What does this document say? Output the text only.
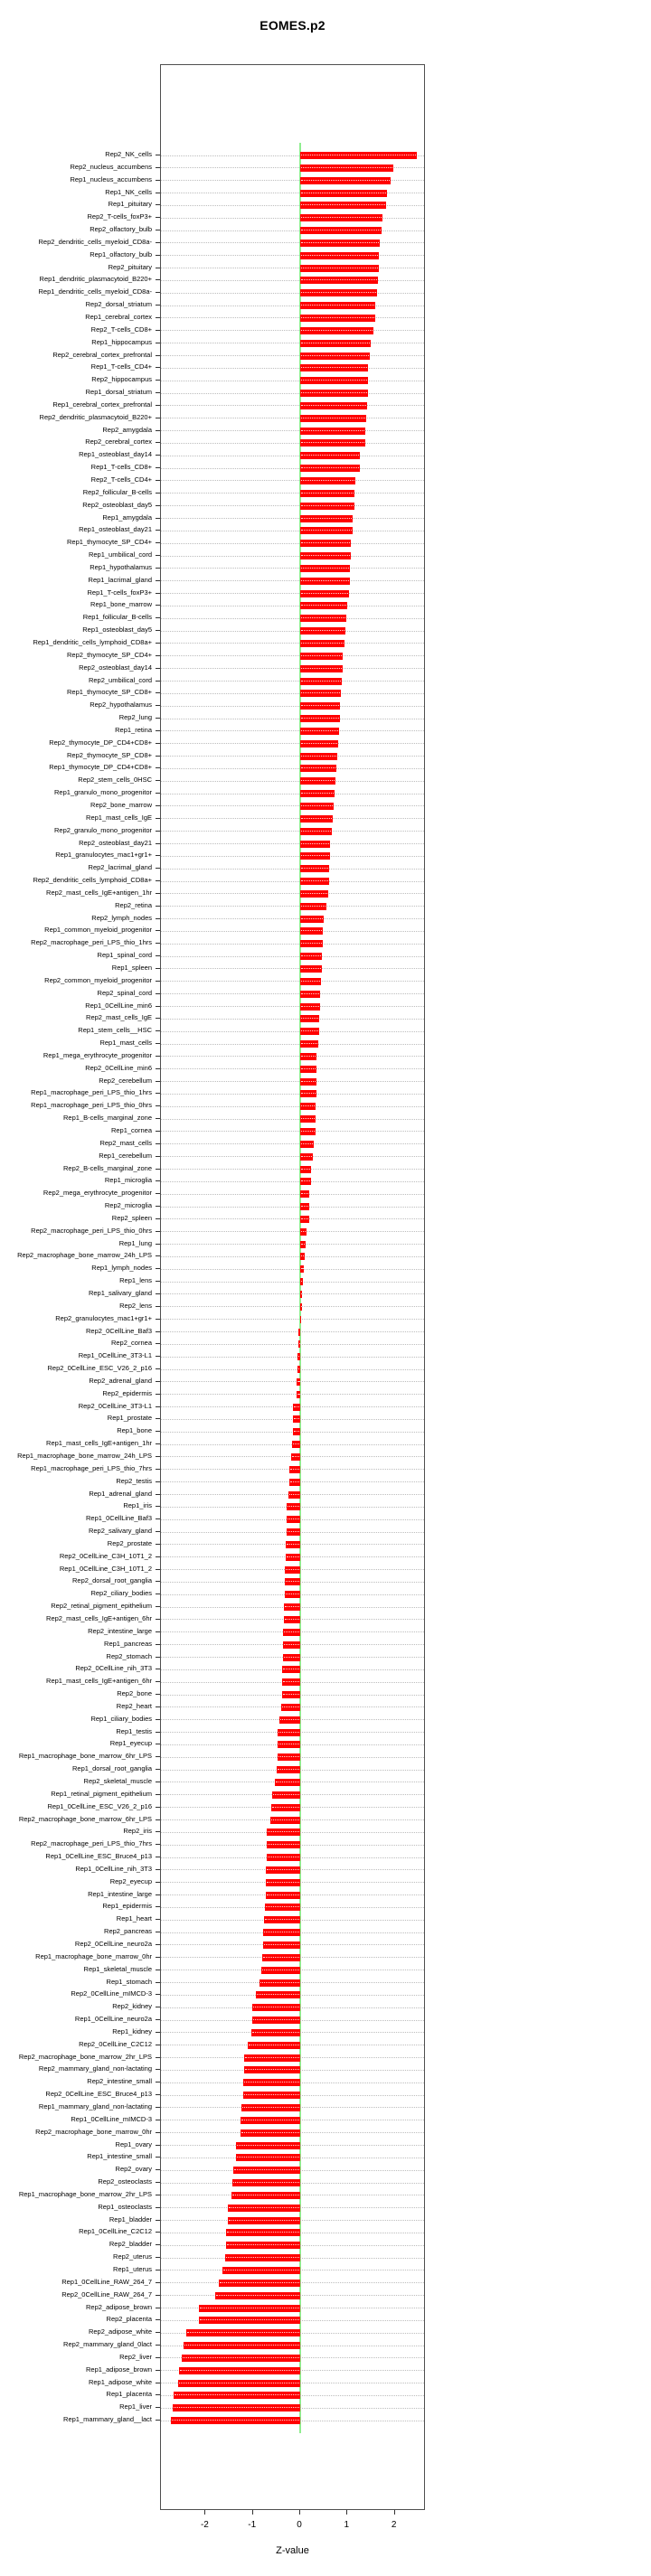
EOMES.p2
-2	-1	0	1	2
Z-value
Rep2_NK_cells
Rep2_nucleus_accumbens
Rep1_nucleus_accumbens
Rep1_NK_cells
Rep1_pituitary
Rep2_T-cells_foxP3+
Rep2_olfactory_bulb
Rep2_dendritic_cells_myeloid_CD8a-
Rep1_olfactory_bulb
Rep2_pituitary
Rep1_dendritic_plasmacytoid_B220+
Rep1_dendritic_cells_myeloid_CD8a-
Rep2_dorsal_striatum
Rep1_cerebral_cortex
Rep2_T-cells_CD8+
Rep1_hippocampus
Rep2_cerebral_cortex_prefrontal
Rep1_T-cells_CD4+
Rep2_hippocampus
Rep1_dorsal_striatum
Rep1_cerebral_cortex_prefrontal
Rep2_dendritic_plasmacytoid_B220+
Rep2_amygdala
Rep2_cerebral_cortex
Rep1_osteoblast_day14
Rep1_T-cells_CD8+
Rep2_T-cells_CD4+
Rep2_follicular_B-cells
Rep2_osteoblast_day5
Rep1_amygdala
Rep1_osteoblast_day21
Rep1_thymocyte_SP_CD4+
Rep1_umbilical_cord
Rep1_hypothalamus
Rep1_lacrimal_gland
Rep1_T-cells_foxP3+
Rep1_bone_marrow
Rep1_follicular_B-cells
Rep1_osteoblast_day5
Rep1_dendritic_cells_lymphoid_CD8a+
Rep2_thymocyte_SP_CD4+
Rep2_osteoblast_day14
Rep2_umbilical_cord
Rep1_thymocyte_SP_CD8+
Rep2_hypothalamus
Rep2_lung
Rep1_retina
Rep2_thymocyte_DP_CD4+CD8+
Rep2_thymocyte_SP_CD8+
Rep1_thymocyte_DP_CD4+CD8+
Rep2_stem_cells_0HSC
Rep1_granulo_mono_progenitor
Rep2_bone_marrow
Rep1_mast_cells_IgE
Rep2_granulo_mono_progenitor
Rep2_osteoblast_day21
Rep1_granulocytes_mac1+gr1+
Rep2_lacrimal_gland
Rep2_dendritic_cells_lymphoid_CD8a+
Rep2_mast_cells_IgE+antigen_1hr
Rep2_retina
Rep2_lymph_nodes
Rep1_common_myeloid_progenitor
Rep2_macrophage_peri_LPS_thio_1hrs
Rep1_spinal_cord
Rep1_spleen
Rep2_common_myeloid_progenitor
Rep2_spinal_cord
Rep1_0CellLine_min6
Rep2_mast_cells_IgE
Rep1_stem_cells__HSC
Rep1_mast_cells
Rep1_mega_erythrocyte_progenitor
Rep2_0CellLine_min6
Rep2_cerebellum
Rep1_macrophage_peri_LPS_thio_1hrs
Rep1_macrophage_peri_LPS_thio_0hrs
Rep1_B-cells_marginal_zone
Rep1_cornea
Rep2_mast_cells
Rep1_cerebellum
Rep2_B-cells_marginal_zone
Rep1_microglia
Rep2_mega_erythrocyte_progenitor
Rep2_microglia
Rep2_spleen
Rep2_macrophage_peri_LPS_thio_0hrs
Rep1_lung
Rep2_macrophage_bone_marrow_24h_LPS
Rep1_lymph_nodes
Rep1_lens
Rep1_salivary_gland
Rep2_lens
Rep2_granulocytes_mac1+gr1+
Rep2_0CellLine_Baf3
Rep2_cornea
Rep1_0CellLine_3T3-L1
Rep2_0CellLine_ESC_V26_2_p16
Rep2_adrenal_gland
Rep2_epidermis
Rep2_0CellLine_3T3-L1
Rep1_prostate
Rep1_bone
Rep1_mast_cells_IgE+antigen_1hr
Rep1_macrophage_bone_marrow_24h_LPS
Rep1_macrophage_peri_LPS_thio_7hrs
Rep2_testis
Rep1_adrenal_gland
Rep1_iris
Rep1_0CellLine_Baf3
Rep2_salivary_gland
Rep2_prostate
Rep2_0CellLine_C3H_10T1_2
Rep1_0CellLine_C3H_10T1_2
Rep2_dorsal_root_ganglia
Rep2_ciliary_bodies
Rep2_retinal_pigment_epithelium
Rep2_mast_cells_IgE+antigen_6hr
Rep2_intestine_large
Rep1_pancreas
Rep2_stomach
Rep2_0CellLine_nih_3T3
Rep1_mast_cells_IgE+antigen_6hr
Rep2_bone
Rep2_heart
Rep1_ciliary_bodies
Rep1_testis
Rep1_eyecup
Rep1_macrophage_bone_marrow_6hr_LPS
Rep1_dorsal_root_ganglia
Rep2_skeletal_muscle
Rep1_retinal_pigment_epithelium
Rep1_0CellLine_ESC_V26_2_p16
Rep2_macrophage_bone_marrow_6hr_LPS
Rep2_iris
Rep2_macrophage_peri_LPS_thio_7hrs
Rep1_0CellLine_ESC_Bruce4_p13
Rep1_0CellLine_nih_3T3
Rep2_eyecup
Rep1_intestine_large
Rep1_epidermis
Rep1_heart
Rep2_pancreas
Rep2_0CellLine_neuro2a
Rep1_macrophage_bone_marrow_0hr
Rep1_skeletal_muscle
Rep1_stomach
Rep2_0CellLine_mIMCD-3
Rep2_kidney
Rep1_0CellLine_neuro2a
Rep1_kidney
Rep2_0CellLine_C2C12
Rep2_macrophage_bone_marrow_2hr_LPS
Rep2_mammary_gland_non-lactating
Rep2_intestine_small
Rep2_0CellLine_ESC_Bruce4_p13
Rep1_mammary_gland_non-lactating
Rep1_0CellLine_mIMCD-3
Rep2_macrophage_bone_marrow_0hr
Rep1_ovary
Rep1_intestine_small
Rep2_ovary
Rep2_osteoclasts
Rep1_macrophage_bone_marrow_2hr_LPS
Rep1_osteoclasts
Rep1_bladder
Rep1_0CellLine_C2C12
Rep2_bladder
Rep2_uterus
Rep1_uterus
Rep1_0CellLine_RAW_264_7
Rep2_0CellLine_RAW_264_7
Rep2_adipose_brown
Rep2_placenta
Rep2_adipose_white
Rep2_mammary_gland_0lact
Rep2_liver
Rep1_adipose_brown
Rep1_adipose_white
Rep1_placenta
Rep1_liver
Rep1_mammary_gland__lact
